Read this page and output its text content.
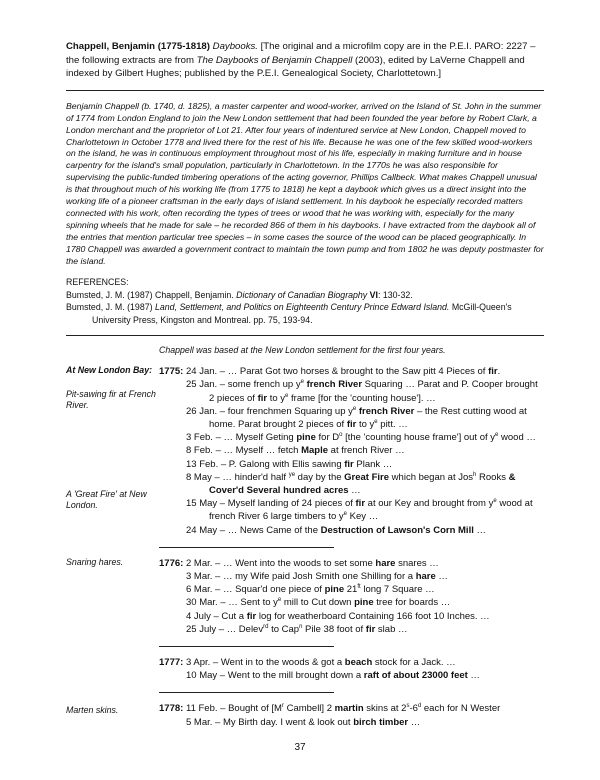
Chappell, Benjamin (1775-1818) Daybooks. [The original and a microfilm copy are in the P.E.I. PARO: 2227 – the following extracts are from The Daybooks of Benjamin Chappell (2003), edited by LaVerne Chappell and indexed by Gilbert Hughes; published by the P.E.I. Genealogical Society, Charlottetown.]

Benjamin Chappell (b. 1740, d. 1825), a master carpenter and wood-worker, arrived on the Island of St. John in the summer of 1774 from London England to join the New London settlement that had been founded the year before by Robert Clark, a London merchant and the proprietor of Lot 21. After four years of indentured service at New London, Chappell moved to Charlottetown in October 1778 and lived there for the rest of his life. Because he was one of the few skilled wood-workers on the island, he was in continuous employment throughout most of his life, especially in making furniture and in house carpentry for the island's small population, particularly in Charlottetown. In the 1770s he was also responsible for supervising the public-funded timbering operations of the acting governor, Phillips Callbeck. What makes Chappell unusual is that throughout much of his working life (from 1775 to 1818) he kept a daybook which gives us a direct insight into the working life of a pioneer craftsman in the early days of island settlement. In his daybook he especially recorded matters connected with his work, often recording the types of trees or wood that he was working with, especially for the many spinning wheels that he made for sale – he recorded 866 of them in his daybooks. I have extracted from the daybook all of the entries that mention particular tree species – in some cases the source of the wood can be placed geographically. In 1780 Chappell was awarded a government contract to maintain the town pump and from 1802 he was deputy postmaster for the island.

REFERENCES:
Bumsted, J. M. (1987) Chappell, Benjamin. Dictionary of Canadian Biography VI: 130-32.
Bumsted, J. M. (1987) Land, Settlement, and Politics on Eighteenth Century Prince Edward Island. McGill-Queen's
University Press, Kingston and Montreal. pp. 75, 193-94.

Chappell was based at the New London settlement for the first four years.

At New London Bay:
Pit-sawing fir at French River.
A 'Great Fire' at New London.
1775: 24 Jan. – … Parat Got two horses & brought to the Saw pitt 4 Pieces of fir.
25 Jan. – some french up $y^e$ french River Squaring … Parat and P. Cooper brought 2 pieces of fir to $y^e$ frame [for the 'counting house']. …
26 Jan. – four frenchmen Squaring up $y^e$ french River – the Rest cutting wood at home. Parat brought 2 pieces of fir to $y^e$ pitt. …
3 Feb. – … Myself Geting pine for $D^o$ [the 'counting house frame'] out of $y^e$ wood …
8 Feb. – … Myself … fetch Maple at french River …
13 Feb. – P. Galong with Ellis sawing fir Plank …
8 May – … hinder'd half $^{ye}$ day by the Great Fire which began at Jos$^h$ Rooks & Cover'd Several hundred acres …
15 May – Myself landing of 24 pieces of fir at our Key and brought from $y^e$ wood at french River 6 large timbers to $y^e$ Key …
24 May – … News Came of the Destruction of Lawson's Corn Mill …
Snaring hares.	1776: 2 Mar. – … Went into the woods to set some hare snares …
3 Mar. – … my Wife paid Josh Smith one Shilling for a hare …
6 Mar. – … Squar'd one piece of pine $21^{ft}$ long 7 Square …
30 Mar. – … Sent to $y^e$ mill to Cut down pine tree for boards …
4 July – Cut a fir log for weatherboard Containing 166 foot 10 Inches. …
25 July – … Delev$^{rd}$ to Cap$^n$ Pile 38 foot of fir slab …
1777: 3 Apr. – Went in to the woods & got a beach stock for a Jack. …
10 May – Went to the mill brought down a raft of about 23000 feet …
Marten skins.	1778: 11 Feb. – Bought of [$M^r$ Cambell] 2 martin skins at 2$^s$-6$^d$ each for N Wester
5 Mar. – My Birth day. I went & look out birch timber …
37
